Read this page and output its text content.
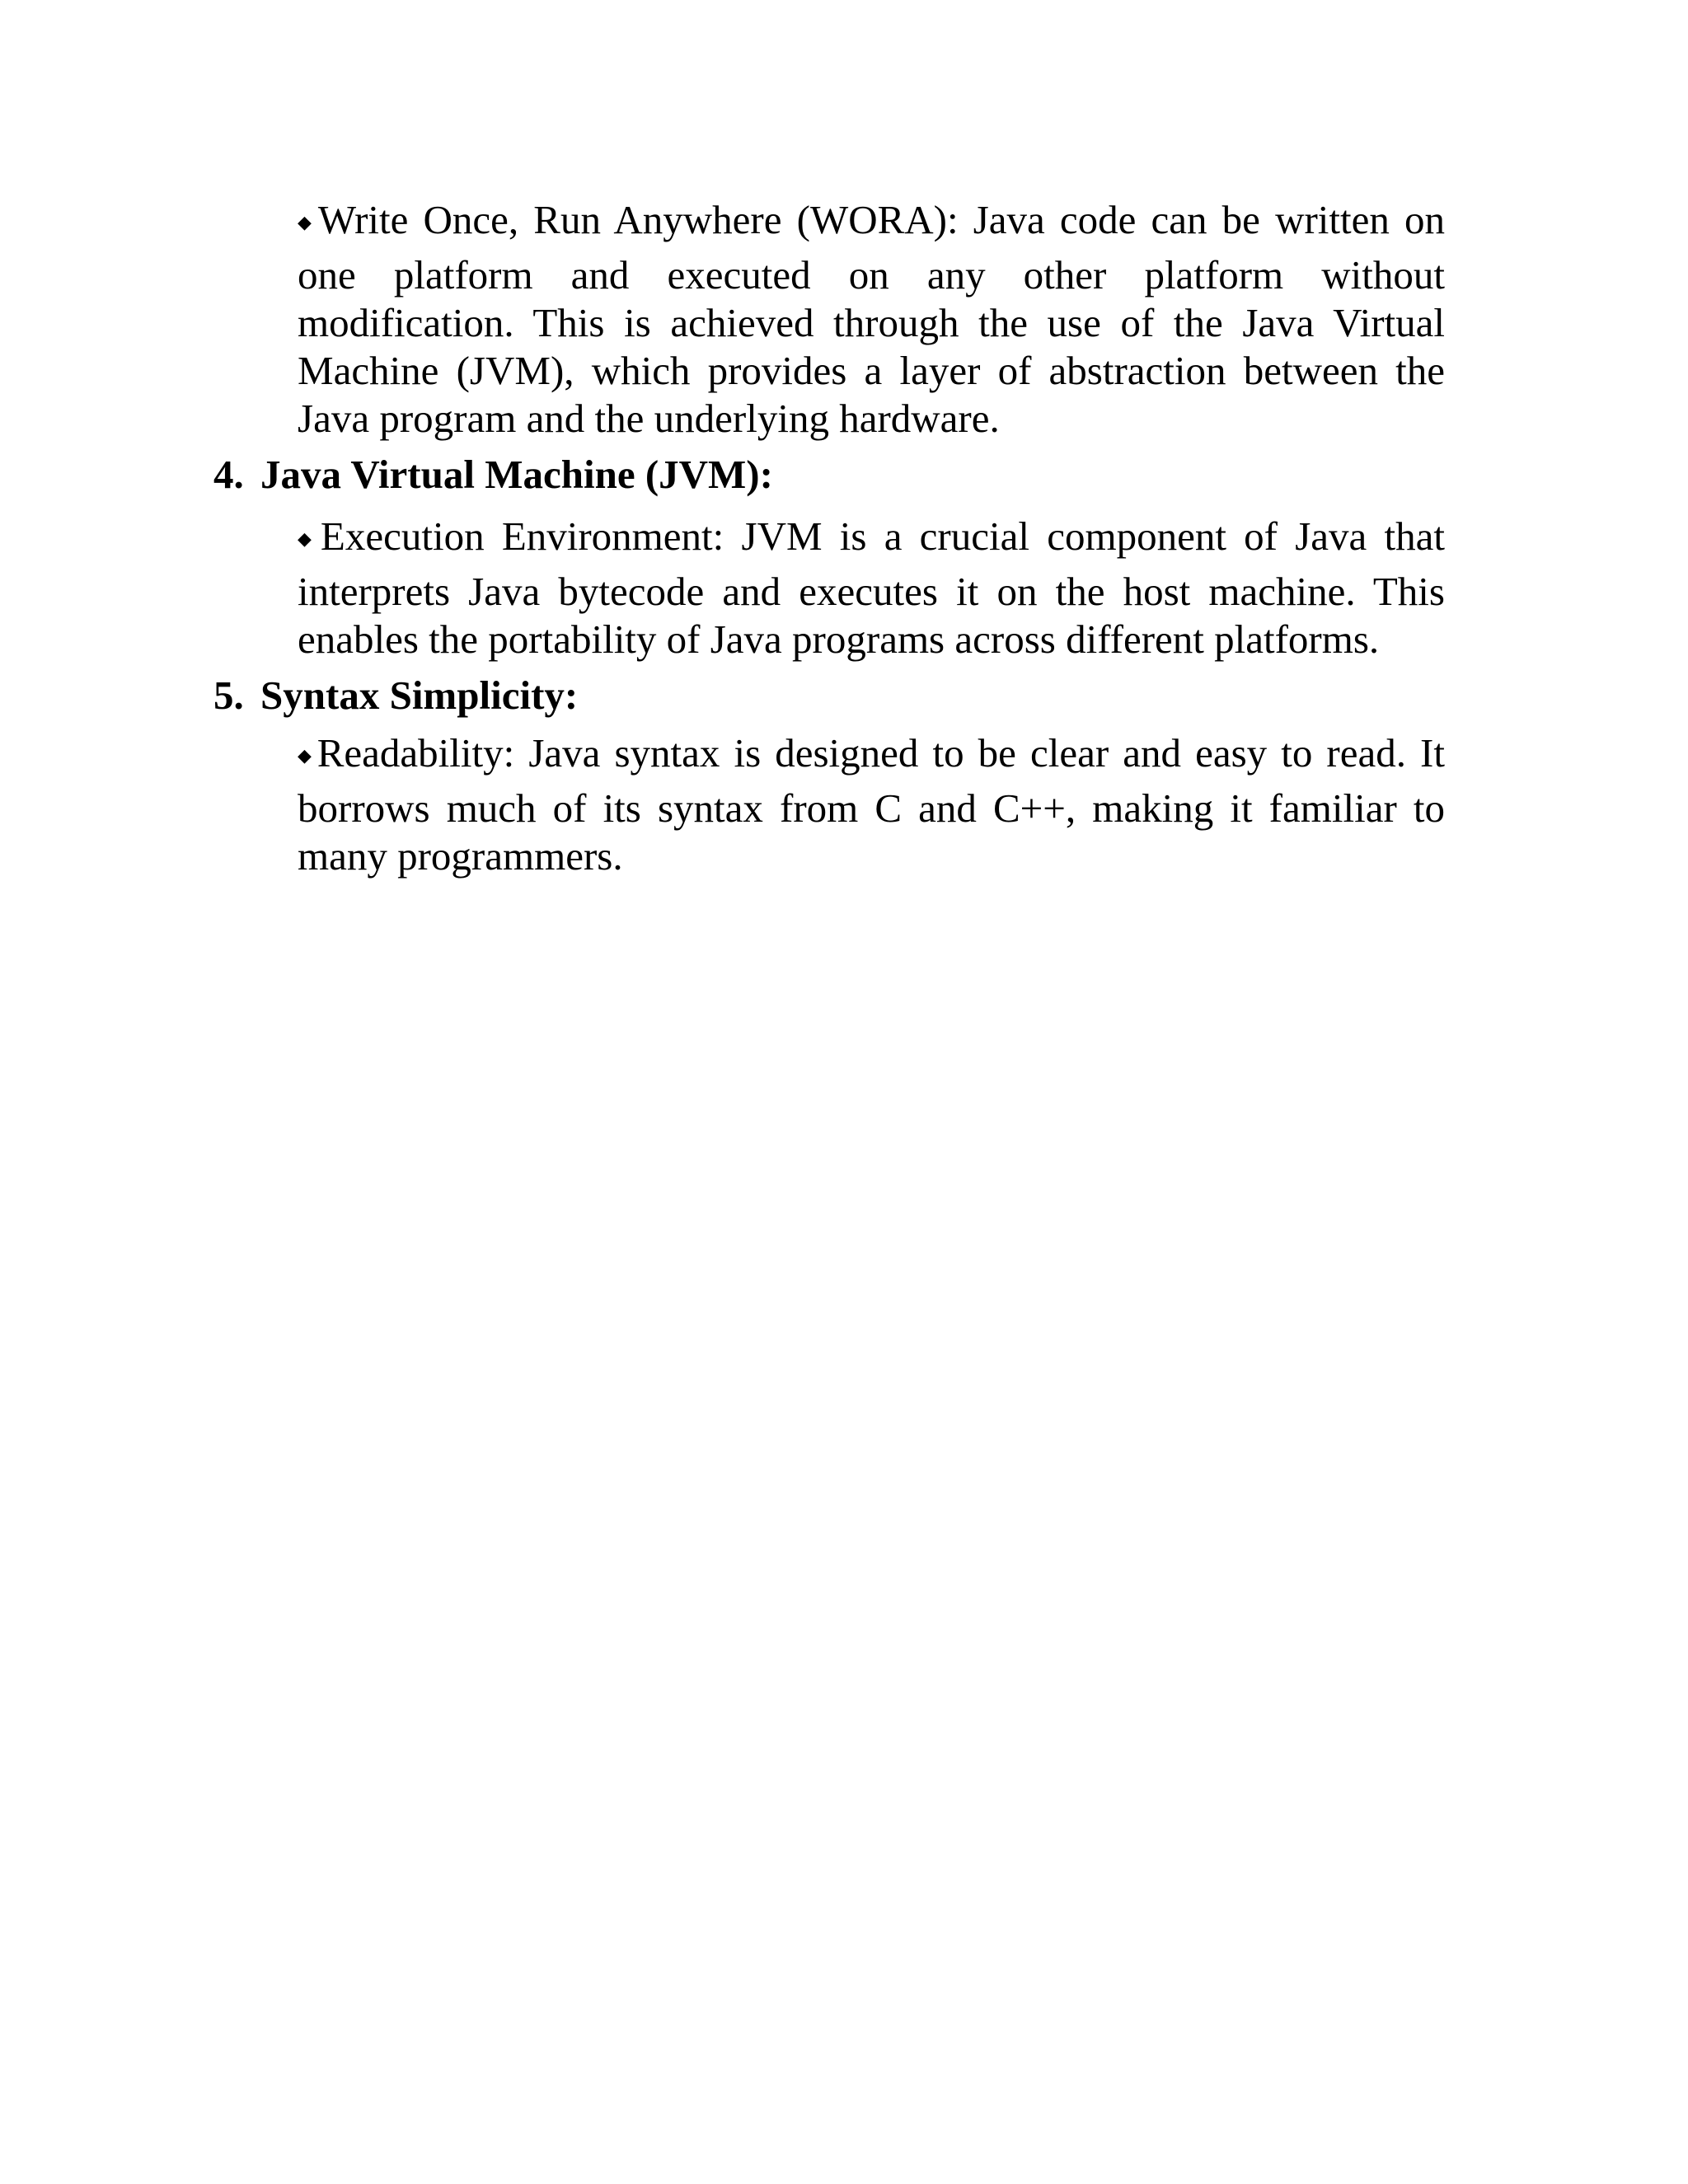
◆Write Once, Run Anywhere (WORA): Java code can be written on one platform and executed on any other platform without modification. This is achieved through the use of the Java Virtual Machine (JVM), which provides a layer of abstraction between the Java program and the underlying hardware.

4. Java Virtual Machine (JVM):

◆Execution Environment: JVM is a crucial component of Java that interprets Java bytecode and executes it on the host machine. This enables the portability of Java programs across different platforms.

5. Syntax Simplicity:

◆Readability: Java syntax is designed to be clear and easy to read. It borrows much of its syntax from C and C++, making it familiar to many programmers.
